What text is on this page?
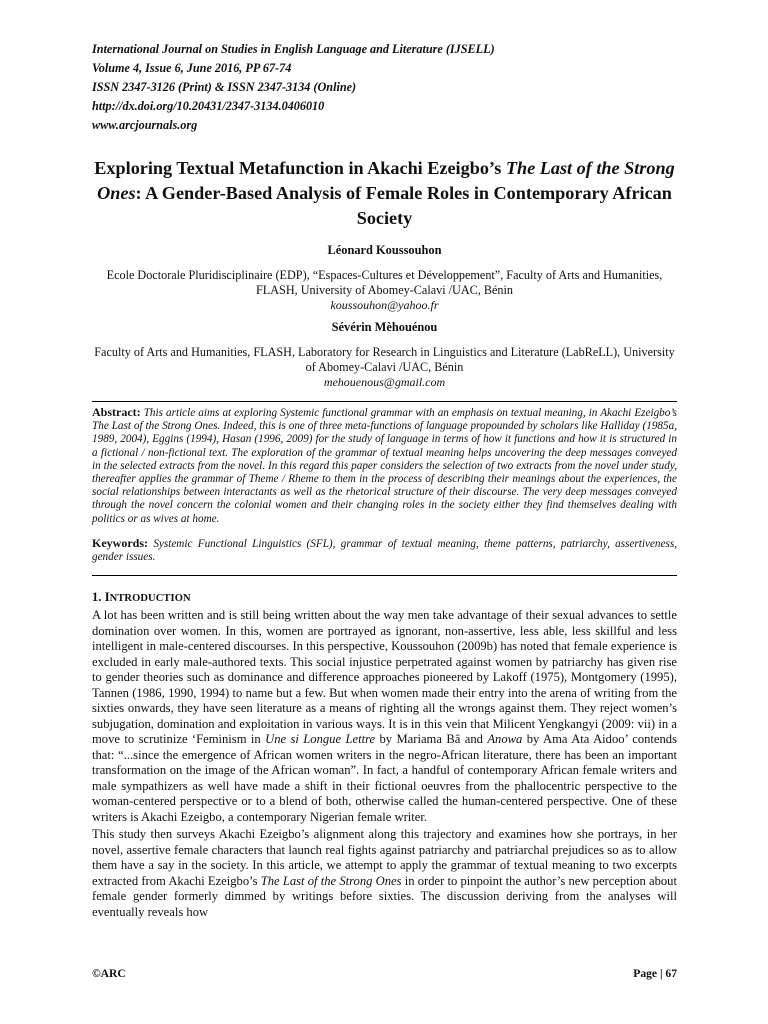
International Journal on Studies in English Language and Literature (IJSELL)
Volume 4, Issue 6, June 2016, PP 67-74
ISSN 2347-3126 (Print) & ISSN 2347-3134 (Online)
http://dx.doi.org/10.20431/2347-3134.0406010
www.arcjournals.org
Exploring Textual Metafunction in Akachi Ezeigbo’s The Last of the Strong Ones: A Gender-Based Analysis of Female Roles in Contemporary African Society
Léonard Koussouhon
Ecole Doctorale Pluridisciplinaire (EDP), “Espaces-Cultures et Développement”, Faculty of Arts and Humanities, FLASH, University of Abomey-Calavi /UAC, Bénin
koussouhon@yahoo.fr
Sévérin Mèhouénou
Faculty of Arts and Humanities, FLASH, Laboratory for Research in Linguistics and Literature (LabReLL), University of Abomey-Calavi /UAC, Bénin
mehouenous@gmail.com
Abstract: This article aims at exploring Systemic functional grammar with an emphasis on textual meaning, in Akachi Ezeigbo’s The Last of the Strong Ones. Indeed, this is one of three meta-functions of language propounded by scholars like Halliday (1985a, 1989, 2004), Eggins (1994), Hasan (1996, 2009) for the study of language in terms of how it functions and how it is structured in a fictional / non-fictional text. The exploration of the grammar of textual meaning helps uncovering the deep messages conveyed in the selected extracts from the novel. In this regard this paper considers the selection of two extracts from the novel under study, thereafter applies the grammar of Theme / Rheme to them in the process of describing their meanings about the experiences, the social relationships between interactants as well as the rhetorical structure of their discourse. The very deep messages conveyed through the novel concern the colonial women and their changing roles in the society either they find themselves dealing with politics or as wives at home.
Keywords: Systemic Functional Linguistics (SFL), grammar of textual meaning, theme patterns, patriarchy, assertiveness, gender issues.
1. INTRODUCTION
A lot has been written and is still being written about the way men take advantage of their sexual advances to settle domination over women. In this, women are portrayed as ignorant, non-assertive, less able, less skillful and less intelligent in male-centered discourses. In this perspective, Koussouhon (2009b) has noted that female experience is excluded in early male-authored texts. This social injustice perpetrated against women by patriarchy has given rise to gender theories such as dominance and difference approaches pioneered by Lakoff (1975), Montgomery (1995), Tannen (1986, 1990, 1994) to name but a few. But when women made their entry into the arena of writing from the sixties onwards, they have seen literature as a means of righting all the wrongs against them. They reject women’s subjugation, domination and exploitation in various ways. It is in this vein that Milicent Yengkangyi (2009: vii) in a move to scrutinize ‘Feminism in Une si Longue Lettre by Mariama Bâ and Anowa by Ama Ata Aidoo’ contends that: “...since the emergence of African women writers in the negro-African literature, there has been an important transformation on the image of the African woman”. In fact, a handful of contemporary African female writers and male sympathizers as well have made a shift in their fictional oeuvres from the phallocentric perspective to the woman-centered perspective or to a blend of both, otherwise called the human-centered perspective. One of these writers is Akachi Ezeigbo, a contemporary Nigerian female writer.
This study then surveys Akachi Ezeigbo’s alignment along this trajectory and examines how she portrays, in her novel, assertive female characters that launch real fights against patriarchy and patriarchal prejudices so as to allow them have a say in the society. In this article, we attempt to apply the grammar of textual meaning to two excerpts extracted from Akachi Ezeigbo’s The Last of the Strong Ones in order to pinpoint the author’s new perception about female gender formerly dimmed by writings before sixties. The discussion deriving from the analyses will eventually reveals how
©ARC	Page | 67
